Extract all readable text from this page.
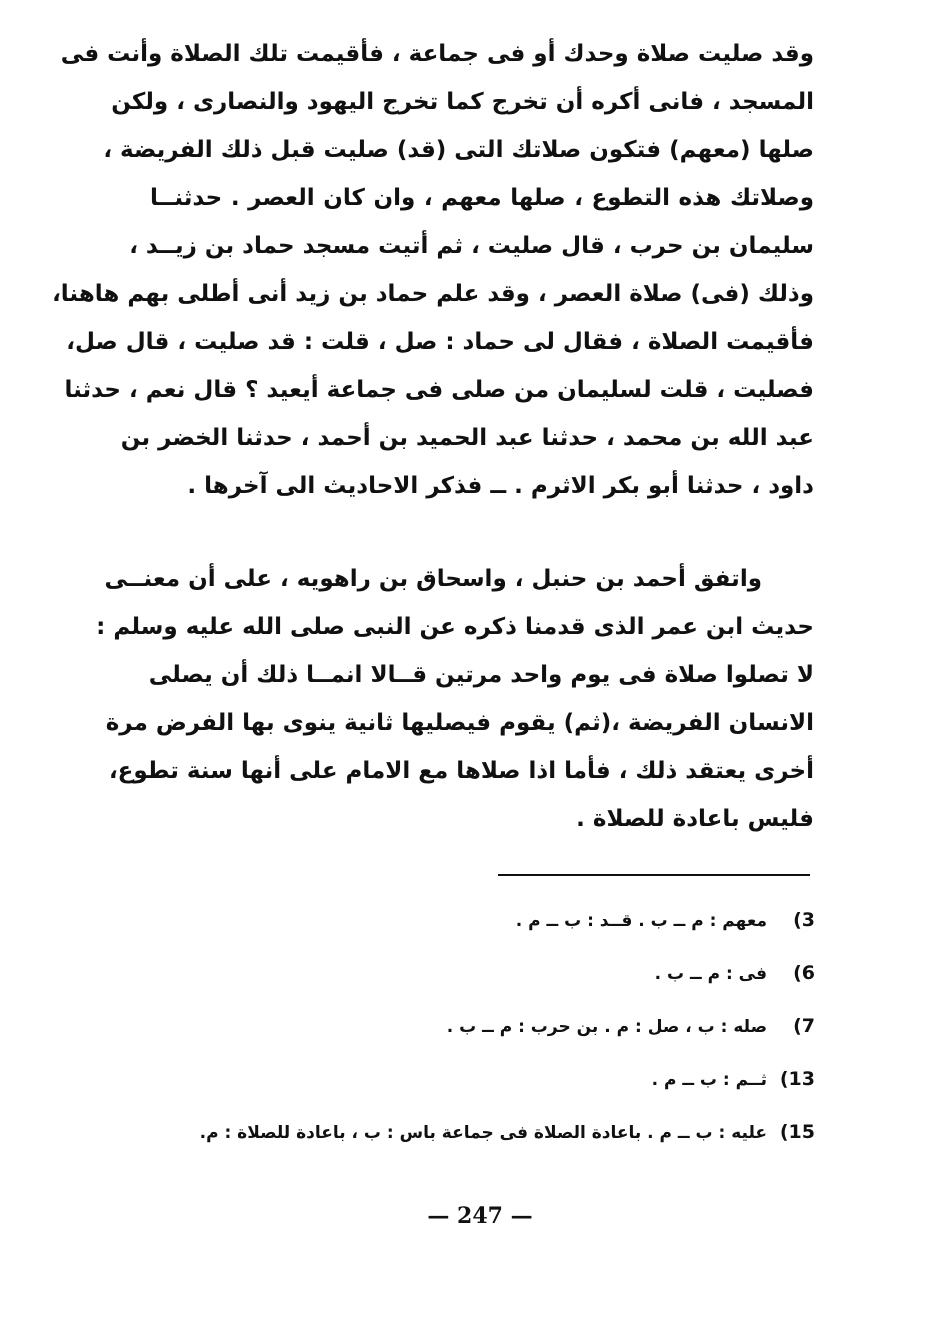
وقد صليت صلاة وحدك أو فى جماعة ، فأقيمت تلك الصلاة وأنت فى
المسجد ، فانى أكره أن تخرج كما تخرج اليهود والنصارى ، ولكن
صلها (معهم) فتكون صلاتك التى (قد) صليت قبل ذلك الفريضة ،
وصلاتك هذه التطوع ، صلها معهم ، وان كان العصر . حدثنــا
سليمان بن حرب ، قال صليت ، ثم أتيت مسجد حماد بن زيــد ،
وذلك (فى) صلاة العصر ، وقد علم حماد بن زيد أنى أطلى بهم هاهنا،
فأقيمت الصلاة ، فقال لى حماد : صل ، قلت : قد صليت ، قال صل،
فصليت ، قلت لسليمان من صلى فى جماعة أيعيد ؟ قال نعم ، حدثنا
عبد الله بن محمد ، حدثنا عبد الحميد بن أحمد ، حدثنا الخضر بن
داود ، حدثنا أبو بكر الاثرم . ــ فذكر الاحاديث الى آخرها .
واتفق أحمد بن حنبل ، واسحاق بن راهويه ، على أن معنــى
حديث ابن عمر الذى قدمنا ذكره عن النبى صلى الله عليه وسلم :
لا تصلوا صلاة فى يوم واحد مرتين قــالا انمــا ذلك أن يصلى
الانسان الفريضة ،(ثم) يقوم فيصليها ثانية ينوى بها الفرض مرة
أخرى يعتقد ذلك ، فأما اذا صلاها مع الامام على أنها سنة تطوع،
فليس باعادة للصلاة .
(3
معهم : م ــ ب . قــد : ب ــ م .
(6
فى : م ــ ب .
(7
صله : ب ، صل : م . بن حرب : م ــ ب .
(13
ثــم : ب ــ م .
(15
عليه : ب ــ م . باعادة الصلاة فى جماعة باس : ب ، باعادة للصلاة : م.
— 247 —
